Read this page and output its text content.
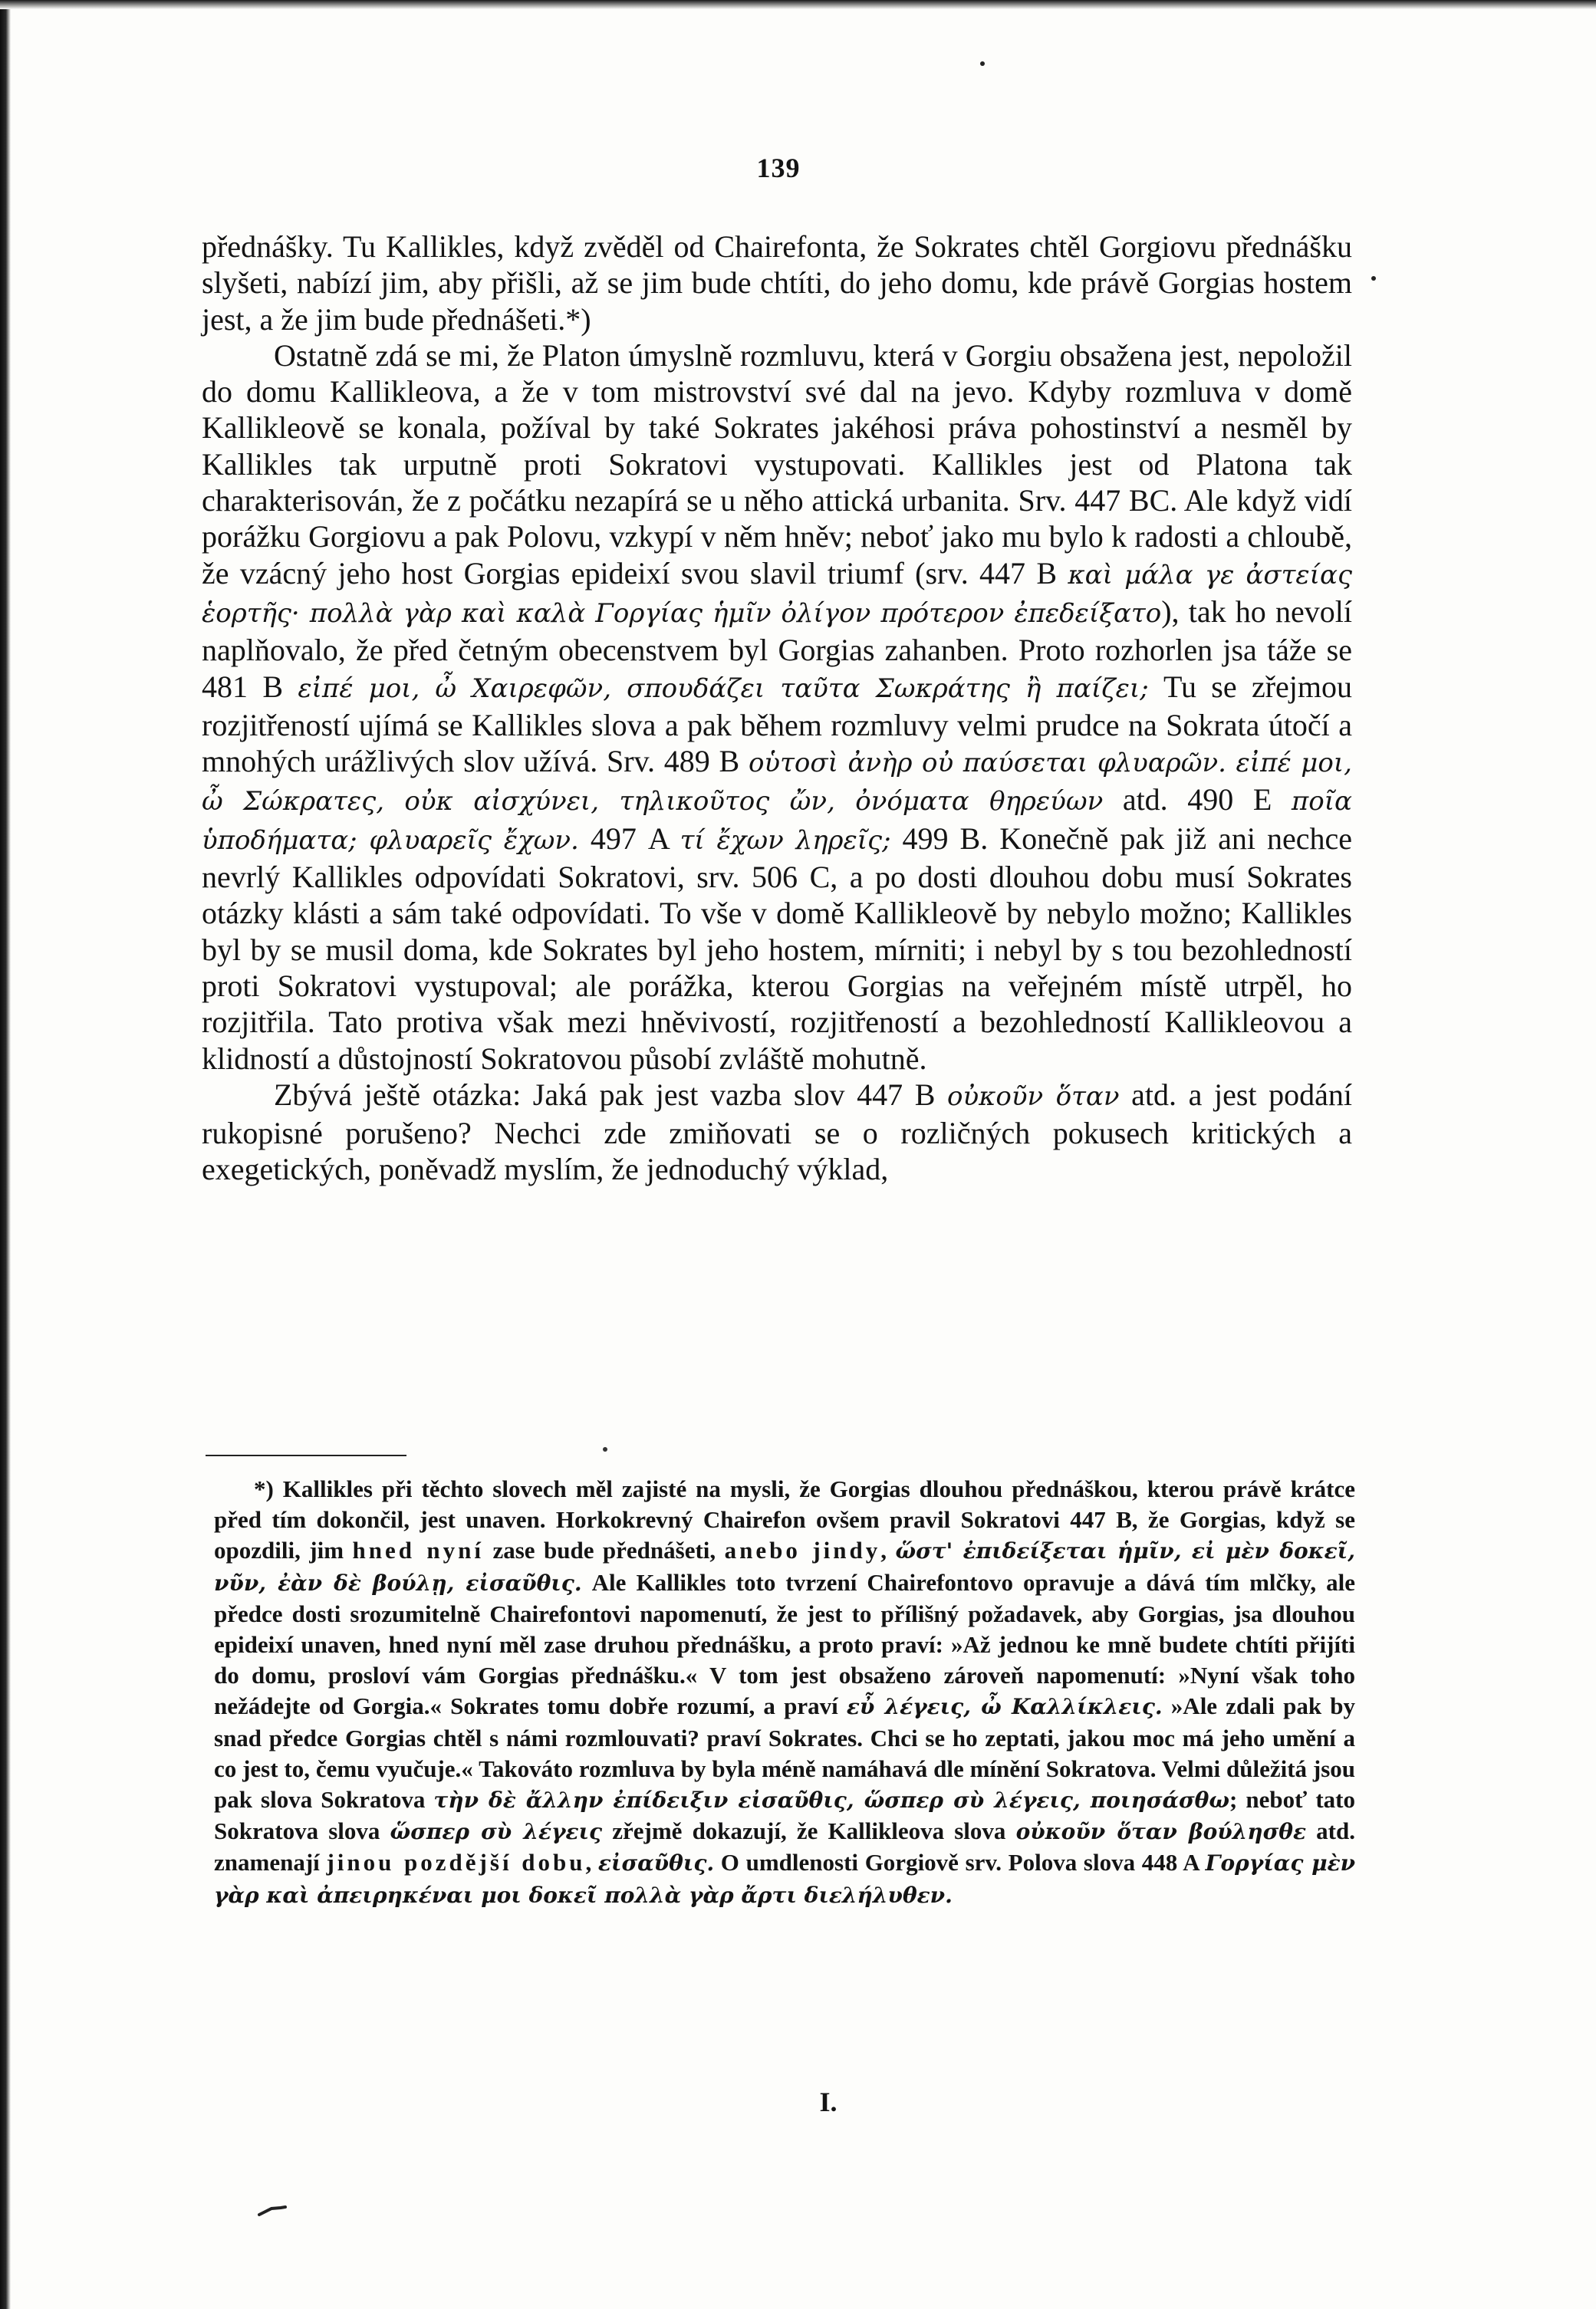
139

přednášky. Tu Kallikles, když zvěděl od Chairefonta, že Sokrates chtěl Gorgiovu přednášku slyšeti, nabízí jim, aby přišli, až se jim bude chtíti, do jeho domu, kde právě Gorgias hostem jest, a že jim bude přednášeti.*)

Ostatně zdá se mi, že Platon úmyslně rozmluvu, která v Gorgiu obsažena jest, nepoložil do domu Kallikleova, a že v tom mistrovství své dal na jevo. Kdyby rozmluva v domě Kallikleově se konala, požíval by také Sokrates jakéhosi práva pohostinství a nesměl by Kallikles tak urputně proti Sokratovi vystupovati. Kallikles jest od Platona tak charakterisován, že z počátku nezapírá se u něho attická urbanita. Srv. 447 BC. Ale když vidí porážku Gorgiovu a pak Polovu, vzkypí v něm hněv; neboť jako mu bylo k radosti a chloubě, že vzácný jeho host Gorgias epideixí svou slavil triumf (srv. 447 B καὶ μάλα γε ἀστείας ἑορτῆς· πολλὰ γὰρ καὶ καλὰ Γοργίας ἡμῖν ὀλίγον πρότερον ἐπεδείξατο), tak ho nevolí naplňovalo, že před četným obecenstvem byl Gorgias zahanben. Proto rozhorlen jsa táže se 481 B εἰπέ μοι, ὦ Χαιρεφῶν, σπουδάζει ταῦτα Σωκράτης ἢ παίζει; Tu se zřejmou rozjitřeností ujímá se Kallikles slova a pak během rozmluvy velmi prudce na Sokrata útočí a mnohých urážlivých slov užívá. Srv. 489 B οὑτοσὶ ἀνὴρ οὐ παύσεται φλυαρῶν. εἰπέ μοι, ὦ Σώκρατες, οὐκ αἰσχύνει, τηλικοῦτος ὤν, ὀνόματα θηρεύων atd. 490 E ποῖα ὑποδήματα; φλυαρεῖς ἔχων. 497 A τί ἔχων ληρεῖς; 499 B. Konečně pak již ani nechce nevrlý Kallikles odpovídati Sokratovi, srv. 506 C, a po dosti dlouhou dobu musí Sokrates otázky klásti a sám také odpovídati. To vše v domě Kallikleově by nebylo možno; Kallikles byl by se musil doma, kde Sokrates byl jeho hostem, mírniti; i nebyl by s tou bezohledností proti Sokratovi vystupoval; ale porážka, kterou Gorgias na veřejném místě utrpěl, ho rozjitřila. Tato protiva však mezi hněvivostí, rozjitřeností a bezohledností Kallikleovou a klidností a důstojností Sokratovou působí zvláště mohutně.

Zbývá ještě otázka: Jaká pak jest vazba slov 447 B οὐκοῦν ὅταν atd. a jest podání rukopisné porušeno? Nechci zde zmiňovati se o rozličných pokusech kritických a exegetických, poněvadž myslím, že jednoduchý výklad,

*) Kallikles při těchto slovech měl zajisté na mysli, že Gorgias dlouhou přednáškou, kterou právě krátce před tím dokončil, jest unaven. Horkokrevný Chairefon ovšem pravil Sokratovi 447 B, že Gorgias, když se opozdili, jim hned nyní zase bude přednášeti, anebo jindy, ὥστ' ἐπιδείξεται ἡμῖν, εἰ μὲν δοκεῖ, νῦν, ἐὰν δὲ βούλῃ, εἰσαῦθις. Ale Kallikles toto tvrzení Chairefontovo opravuje a dává tím mlčky, ale předce dosti srozumitelně Chairefontovi napomenutí, že jest to přílišný požadavek, aby Gorgias, jsa dlouhou epideixí unaven, hned nyní měl zase druhou přednášku, a proto praví: »Až jednou ke mně budete chtíti přijíti do domu, prosloví vám Gorgias přednášku.« V tom jest obsaženo zároveň napomenutí: »Nyní však toho nežádejte od Gorgia.« Sokrates tomu dobře rozumí, a praví εὖ λέγεις, ὦ Καλλίκλεις. »Ale zdali pak by snad předce Gorgias chtěl s námi rozmlouvati? praví Sokrates. Chci se ho zeptati, jakou moc má jeho umění a co jest to, čemu vyučuje.« Takováto rozmluva by byla méně namáhavá dle mínění Sokratova. Velmi důležitá jsou pak slova Sokratova τὴν δὲ ἄλλην ἐπίδειξιν εἰσαῦθις, ὥσπερ σὺ λέγεις, ποιησάσθω; neboť tato Sokratova slova ὥσπερ σὺ λέγεις zřejmě dokazují, že Kallikleova slova οὐκοῦν ὅταν βούλησθε atd. znamenají jinou pozdější dobu, εἰσαῦθις. O umdlenosti Gorgiově srv. Polova slova 448 A Γοργίας μὲν γὰρ καὶ ἀπειρηκέναι μοι δοκεῖ πολλὰ γὰρ ἄρτι διελήλυθεν.

I.
